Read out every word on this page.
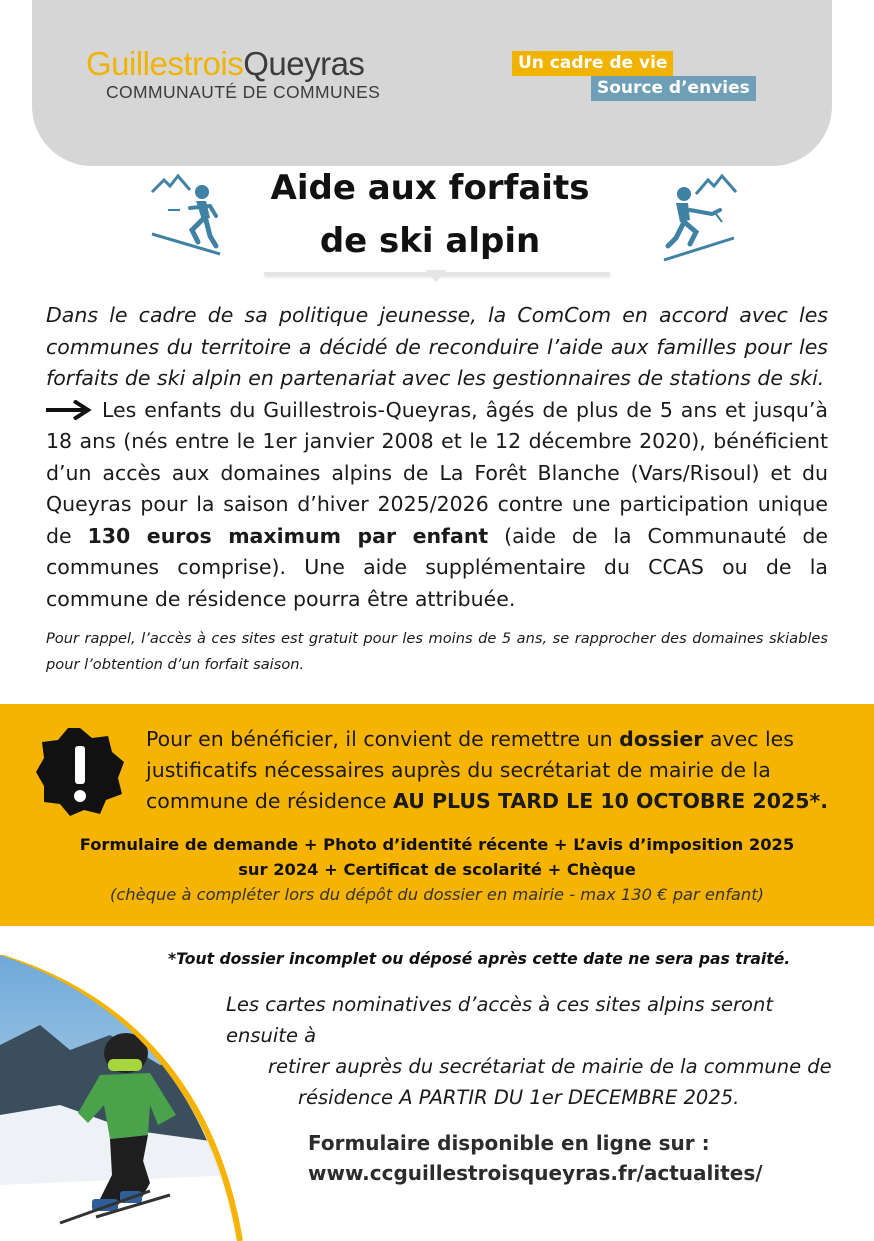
GuillestroisQueyras
COMMUNAUTÉ DE COMMUNES
Un cadre de vie
Source d’envies
Aide aux forfaits
de ski alpin
Dans le cadre de sa politique jeunesse, la ComCom en accord avec les communes du territoire a décidé de reconduire l’aide aux familles pour les forfaits de ski alpin en partenariat avec les gestionnaires de stations de ski.
Les enfants du Guillestrois-Queyras, âgés de plus de 5 ans et jusqu’à 18 ans (nés entre le 1er janvier 2008 et le 12 décembre 2020), bénéficient d’un accès aux domaines alpins de La Forêt Blanche (Vars/Risoul) et du Queyras pour la saison d’hiver 2025/2026 contre une participation unique de 130 euros maximum par enfant (aide de la Communauté de communes comprise). Une aide supplémentaire du CCAS ou de la commune de résidence pourra être attribuée.
Pour rappel, l’accès à ces sites est gratuit pour les moins de 5 ans, se rapprocher des domaines skiables pour l’obtention d’un forfait saison.
Pour en bénéficier, il convient de remettre un dossier avec les justificatifs nécessaires auprès du secrétariat de mairie de la commune de résidence AU PLUS TARD LE 10 OCTOBRE 2025*.
Formulaire de demande + Photo d’identité récente + L’avis d’imposition 2025
sur 2024 + Certificat de scolarité + Chèque
(chèque à compléter lors du dépôt du dossier en mairie - max 130 € par enfant)
*Tout dossier incomplet ou déposé après cette date ne sera pas traité.
Les cartes nominatives d’accès à ces sites alpins seront ensuite à
retirer auprès du secrétariat de mairie de la commune de
résidence A PARTIR DU 1er DECEMBRE 2025.
Formulaire disponible en ligne sur :
www.ccguillestroisqueyras.fr/actualites/
